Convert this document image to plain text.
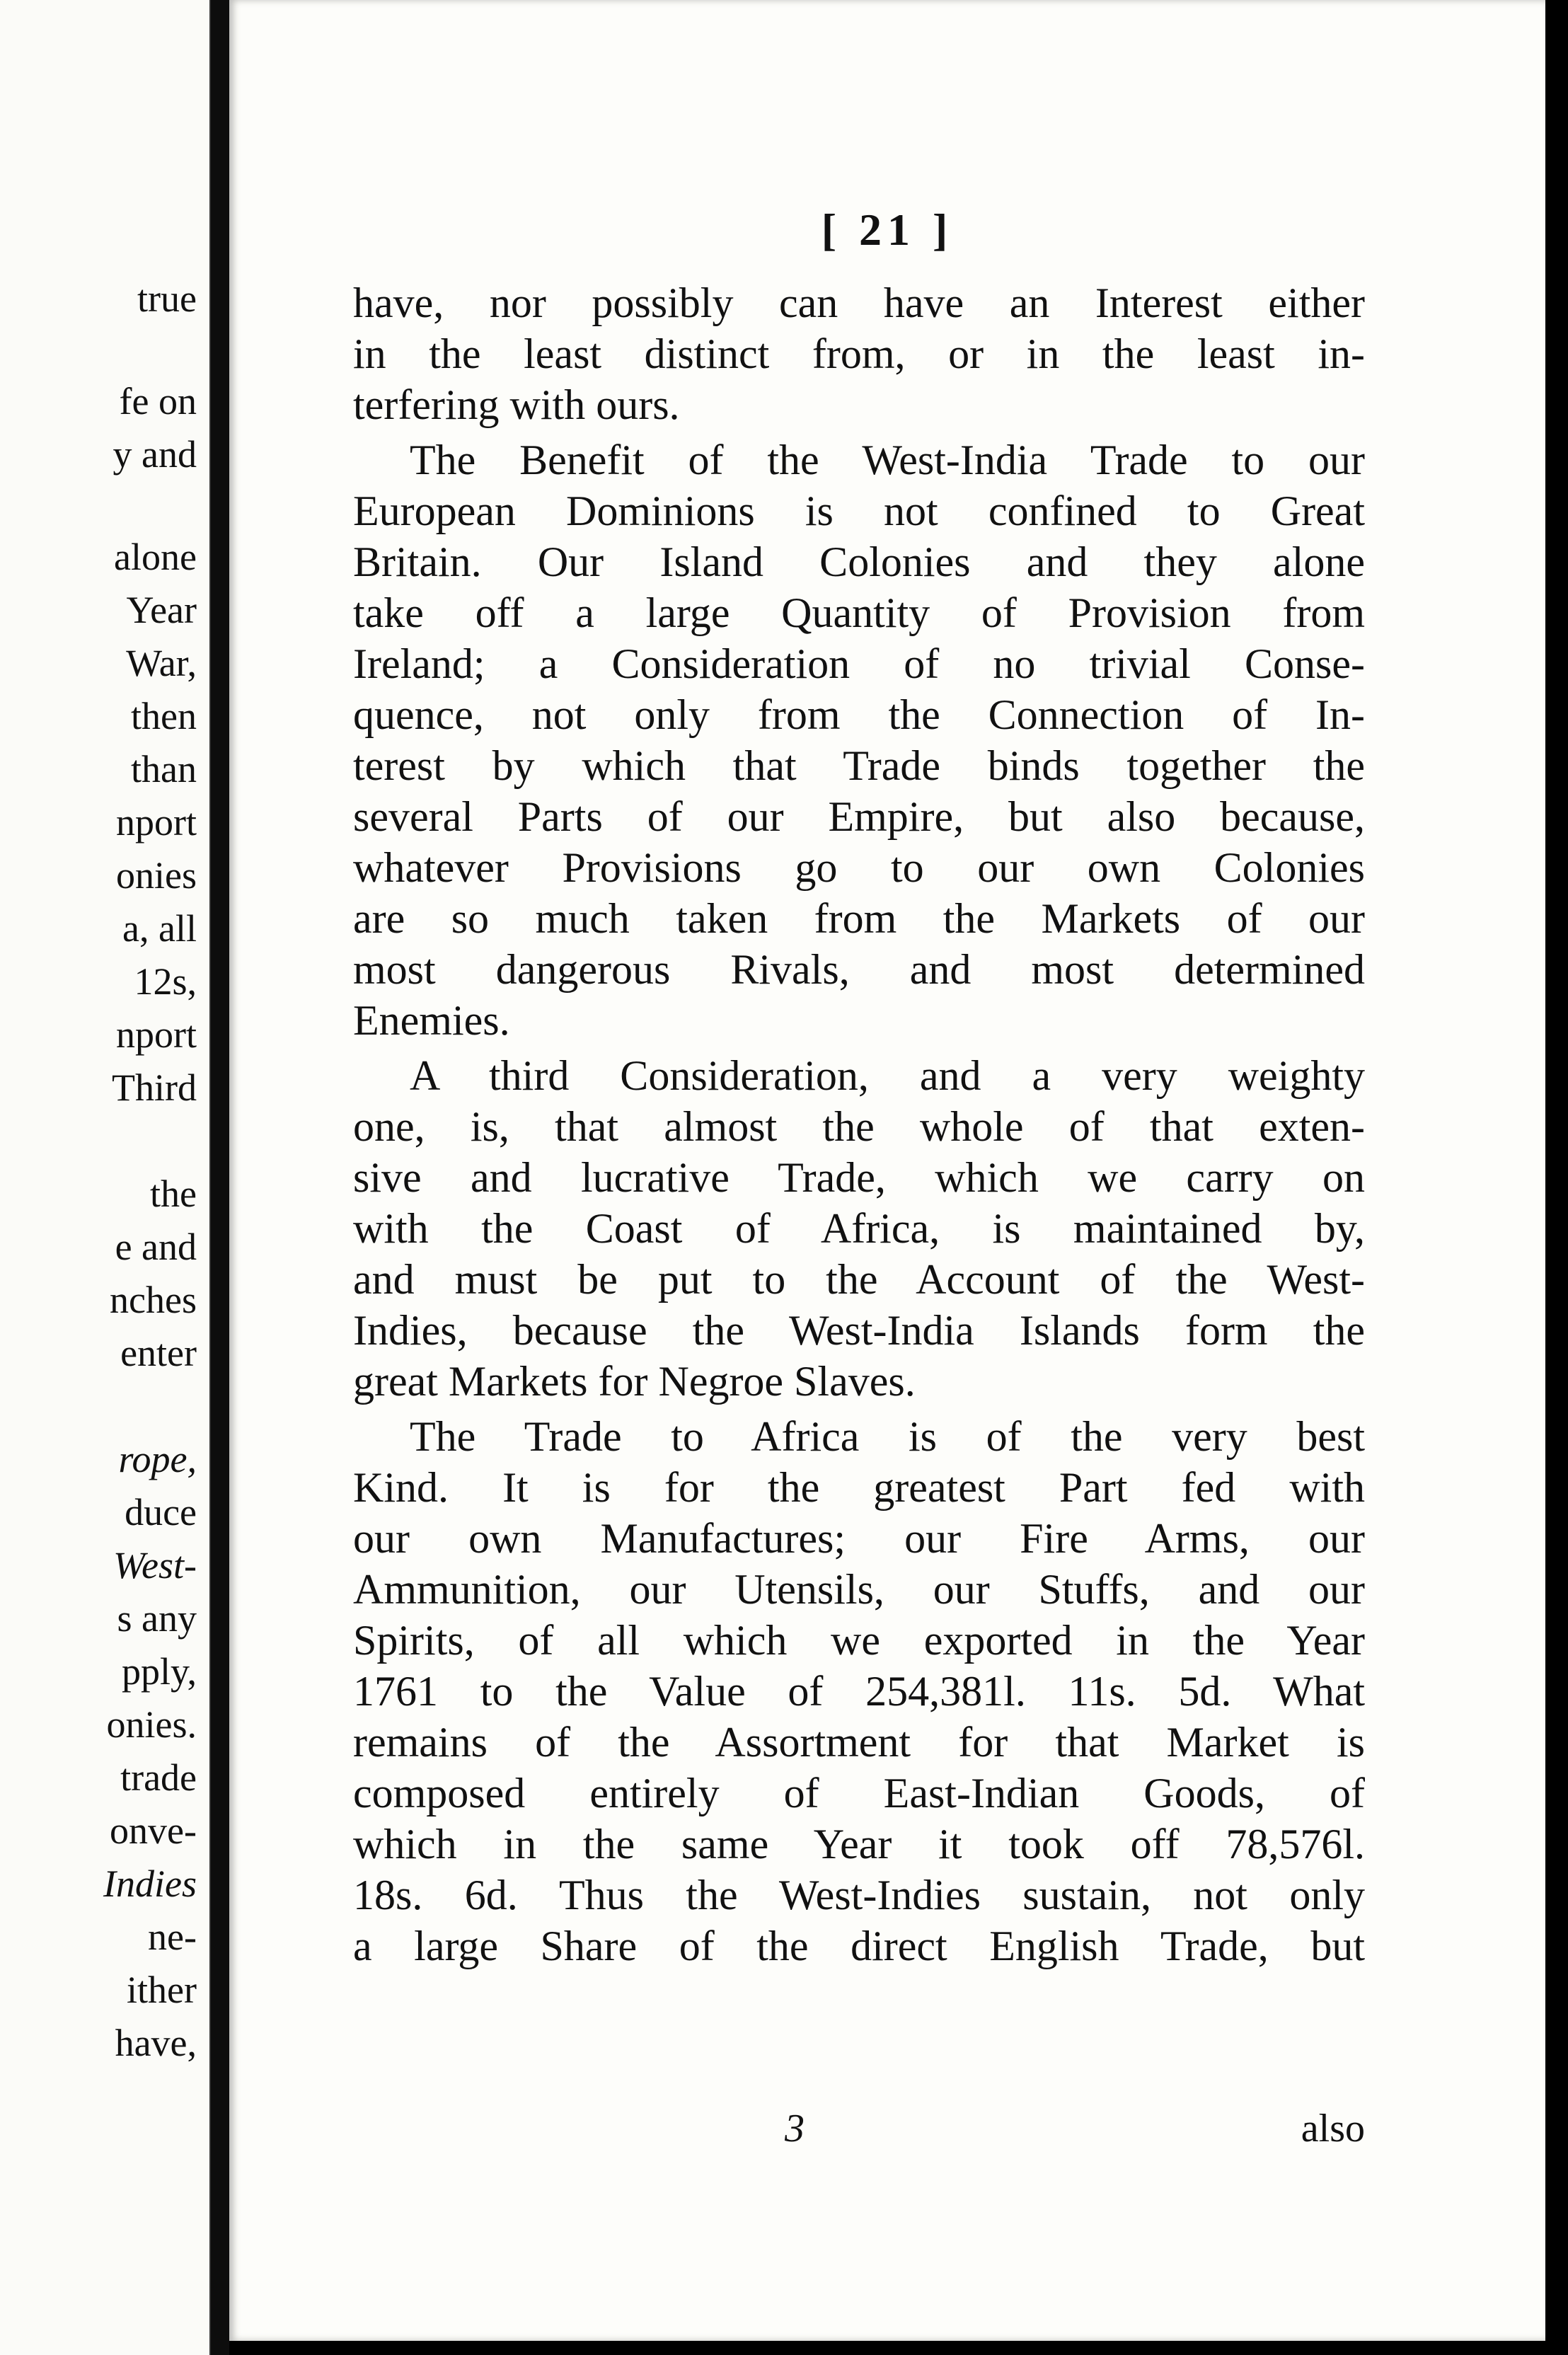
true
fe on
y and
alone
Year
War,
then
than
nport
onies
a, all
12s,
nport
Third
the
e and
nches
enter
rope,
duce
West-
s any
pply,
onies.
trade
onve-
Indies
ne-
ither
have,
[ 21 ]
have, nor possibly can have an Interest either
in the least distinct from, or in the least in-
terfering with ours.
The Benefit of the West-India Trade to our
European Dominions is not confined to Great
Britain. Our Island Colonies and they alone
take off a large Quantity of Provision from
Ireland; a Consideration of no trivial Conse-
quence, not only from the Connection of In-
terest by which that Trade binds together the
several Parts of our Empire, but also because,
whatever Provisions go to our own Colonies
are so much taken from the Markets of our
most dangerous Rivals, and most determined
Enemies.
A third Consideration, and a very weighty
one, is, that almost the whole of that exten-
sive and lucrative Trade, which we carry on
with the Coast of Africa, is maintained by,
and must be put to the Account of the West-
Indies, because the West-India Islands form the
great Markets for Negroe Slaves.
The Trade to Africa is of the very best
Kind. It is for the greatest Part fed with
our own Manufactures; our Fire Arms, our
Ammunition, our Utensils, our Stuffs, and our
Spirits, of all which we exported in the Year
1761 to the Value of 254,381l. 11s. 5d. What
remains of the Assortment for that Market is
composed entirely of East-Indian Goods, of
which in the same Year it took off 78,576l.
18s. 6d. Thus the West-Indies sustain, not only
a large Share of the direct English Trade, but
3	also
